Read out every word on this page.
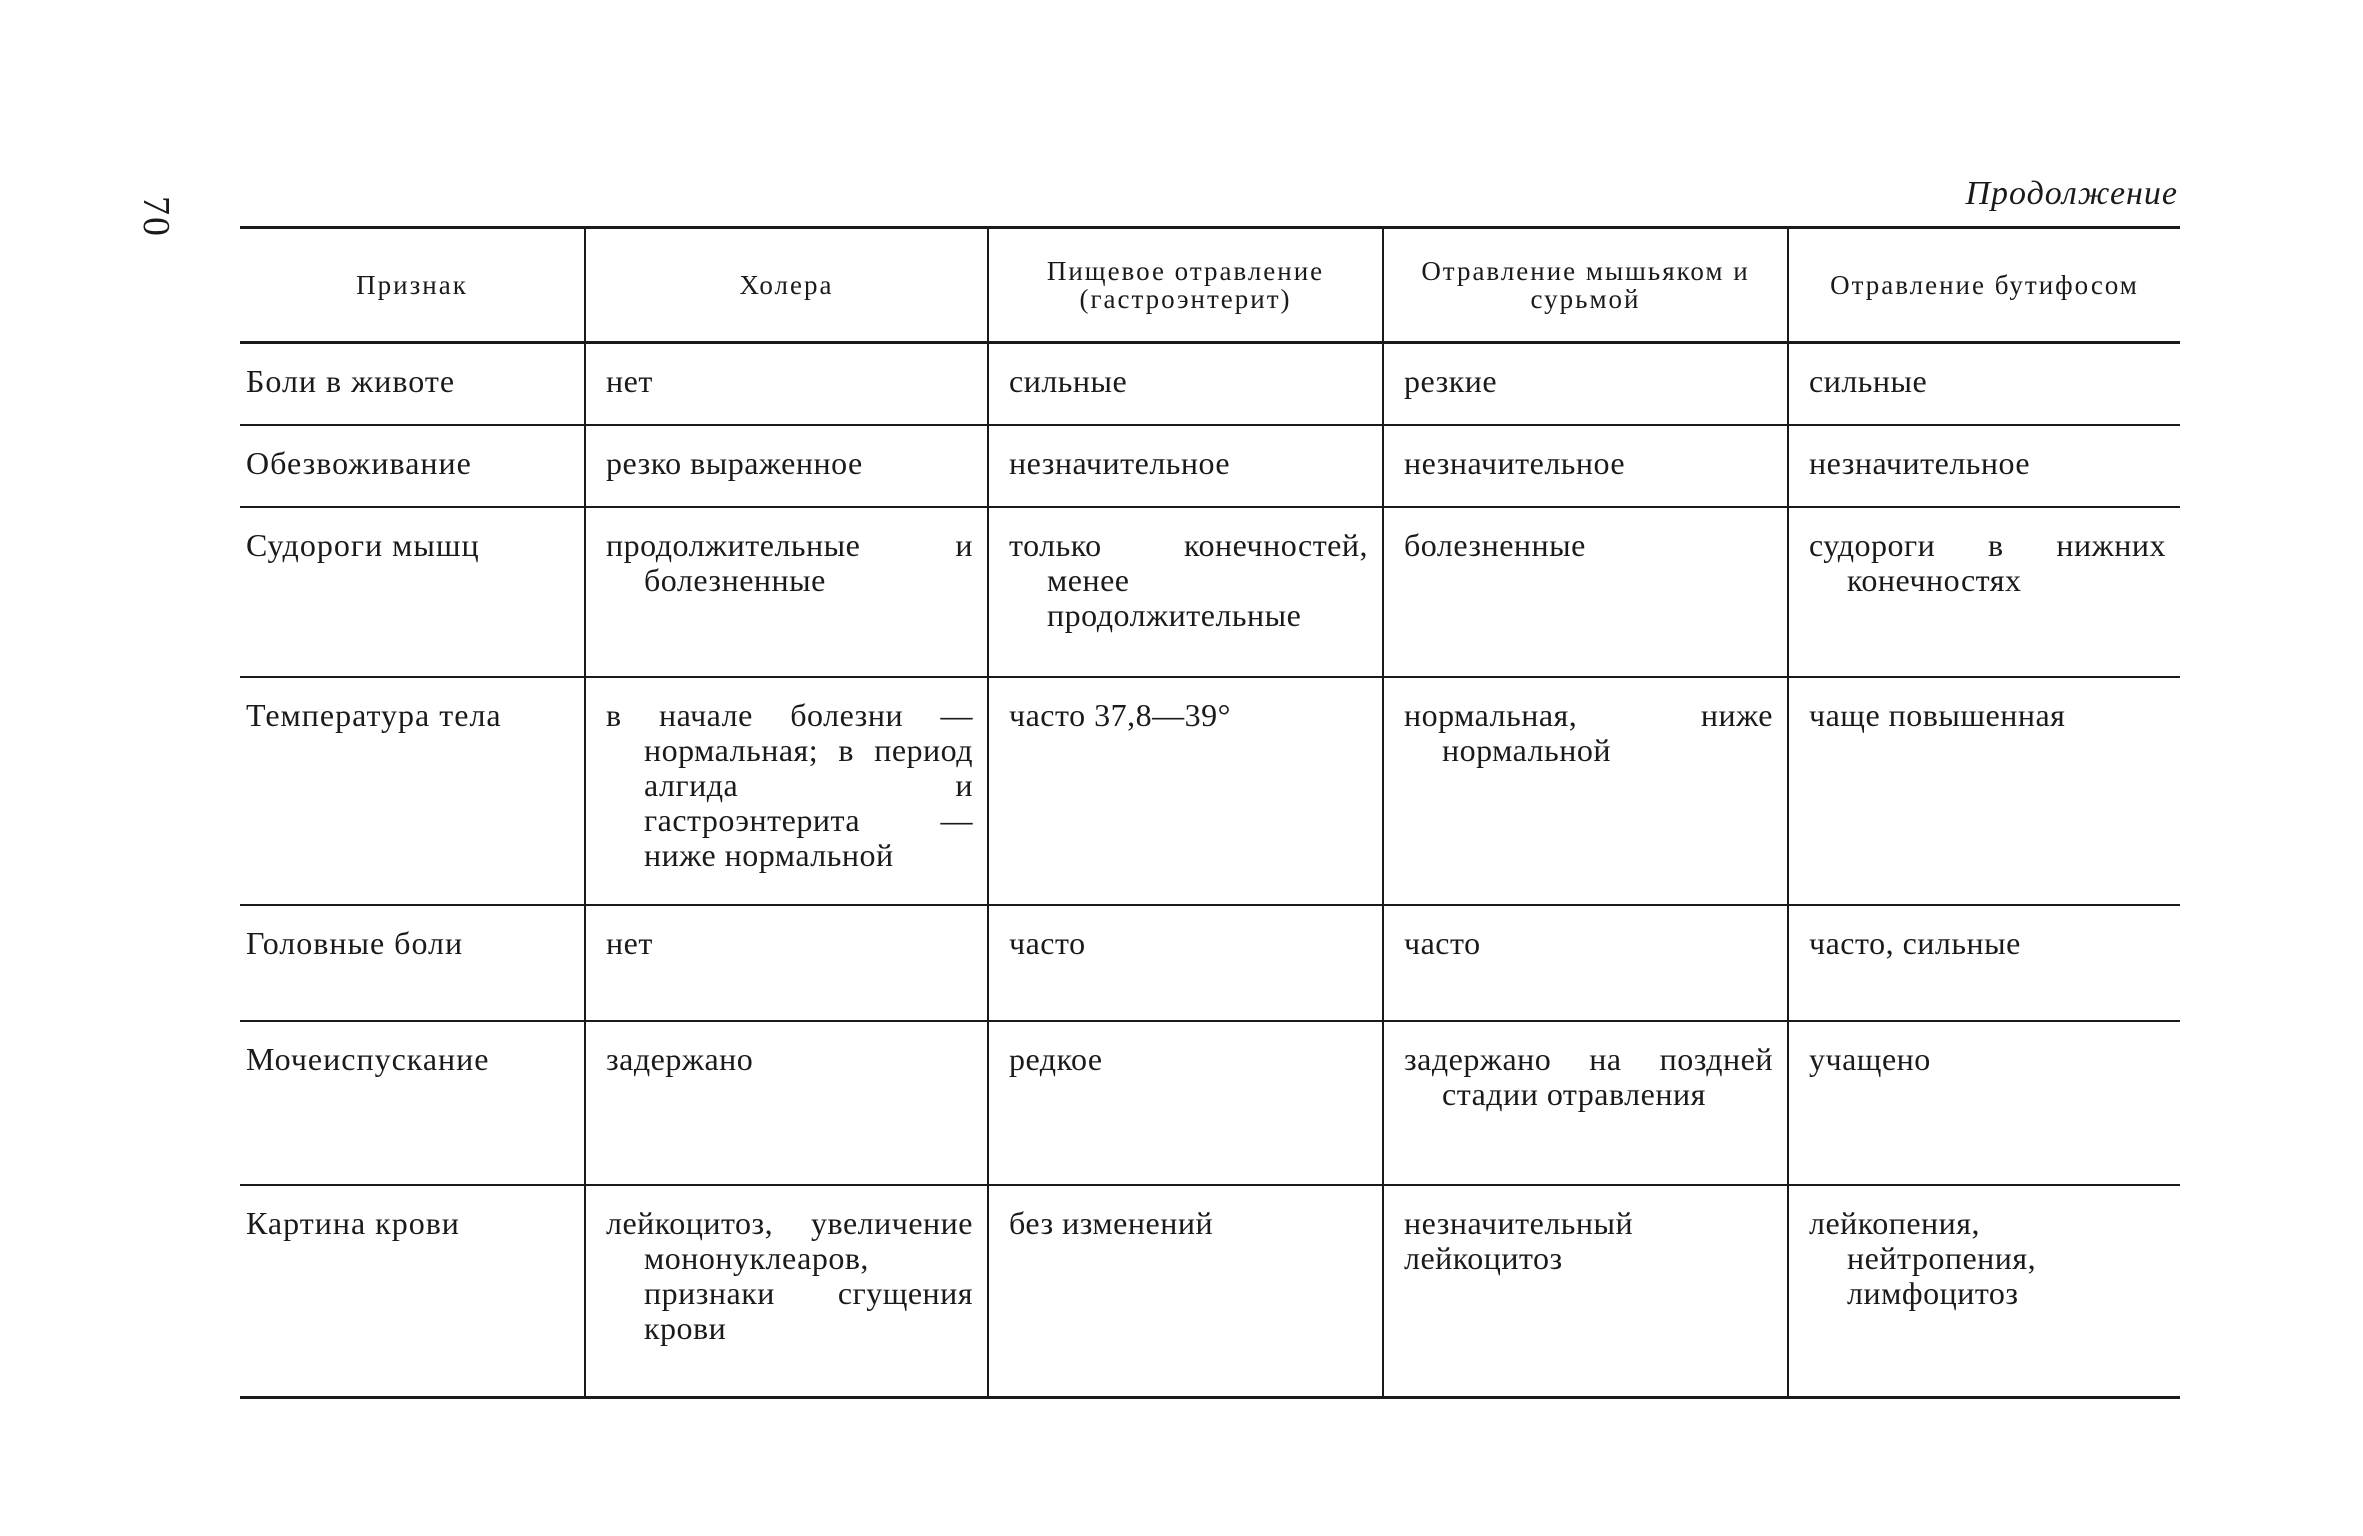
70
Продолжение
Признак	Холера	Пищевое отравление (гастроэнтерит)	Отравление мышьяком и сурьмой	Отравление бутифосом
Боли в животе	нет	сильные	резкие	сильные
Обезвоживание	резко выраженное	незначительное	незначительное	незначительное
Судороги мышц	продолжительные и болезненные	только конечностей, менее продолжительные	болезненные	судороги в нижних конечностях

Температура тела	в начале болезни — нормальная; в период алгида и гастроэнтерита — ниже нормальной	часто 37,8—39°	нормальная, ниже нормальной	чаще повышенная
Головные боли	нет	часто	часто	часто, сильные
Мочеиспускание	задержано	редкое	задержано на поздней стадии отравления	учащено
Картина крови	лейкоцитоз, увеличение мононуклеаров, признаки сгущения крови	без изменений	незначительный лейкоцитоз	лейкопения, нейтропения, лимфоцитоз
